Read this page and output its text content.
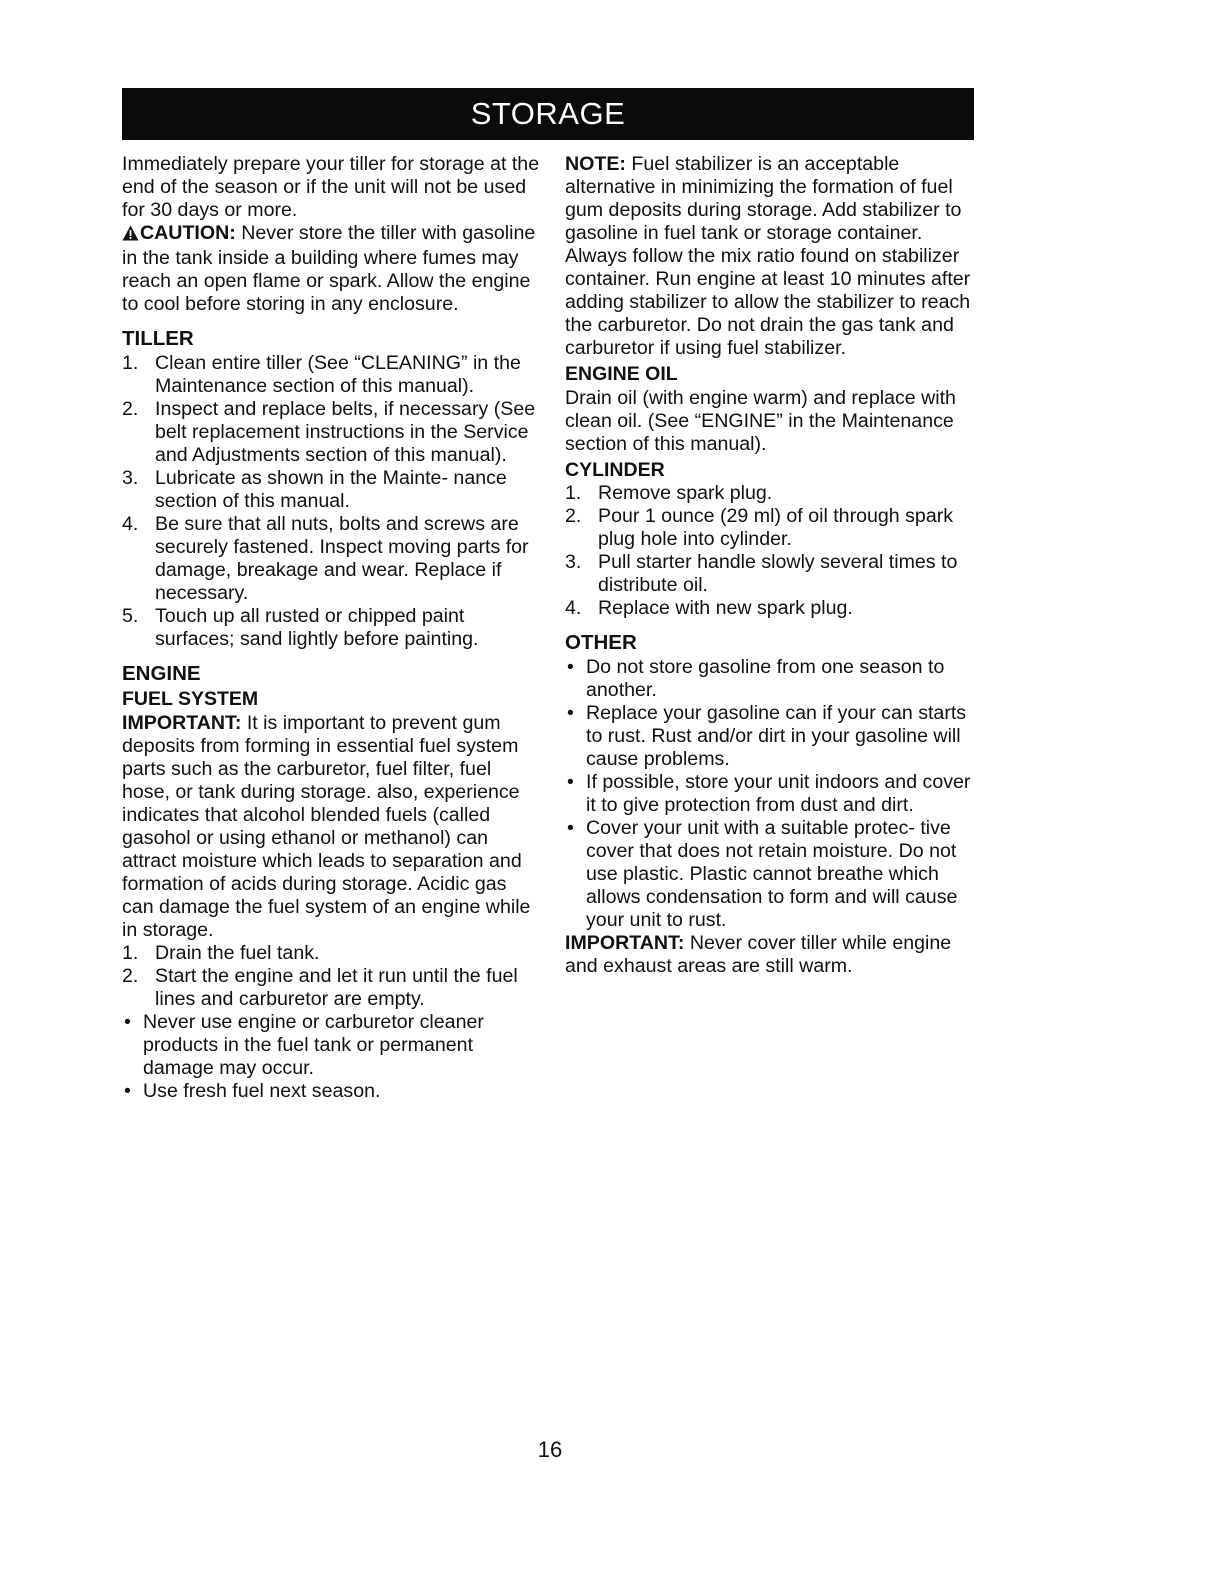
STORAGE

Immediately prepare your tiller for storage at the end of the season or if the unit will not be used for 30 days or more.

CAUTION: Never store the tiller with gasoline in the tank inside a building where fumes may reach an open flame or spark. Allow the engine to cool before storing in any enclosure.

TILLER
1. Clean entire tiller (See “CLEANING” in the Maintenance section of this manual).
2. Inspect and replace belts, if necessary (See belt replacement instructions in the Service and Adjustments section of this manual).
3. Lubricate as shown in the Mainte- nance section of this manual.
4. Be sure that all nuts, bolts and screws are securely fastened. Inspect moving parts for damage, breakage and wear. Replace if necessary.
5. Touch up all rusted or chipped paint surfaces; sand lightly before painting.
ENGINE
FUEL SYSTEM

IMPORTANT: It is important to prevent gum deposits from forming in essential fuel system parts such as the carburetor, fuel filter, fuel hose, or tank during storage. also, experience indicates that alcohol blended fuels (called gasohol or using ethanol or methanol) can attract moisture which leads to separation and formation of acids during storage. Acidic gas can damage the fuel system of an engine while in storage.

1. Drain the fuel tank.
2. Start the engine and let it run until the fuel lines and carburetor are empty.
• Never use engine or carburetor cleaner products in the fuel tank or permanent damage may occur.
• Use fresh fuel next season.

NOTE: Fuel stabilizer is an acceptable alternative in minimizing the formation of fuel gum deposits during storage. Add stabilizer to gasoline in fuel tank or storage container. Always follow the mix ratio found on stabilizer container. Run engine at least 10 minutes after adding stabilizer to allow the stabilizer to reach the carburetor. Do not drain the gas tank and carburetor if using fuel stabilizer.

ENGINE OIL

Drain oil (with engine warm) and replace with clean oil. (See “ENGINE” in the Maintenance section of this manual).

CYLINDER
1. Remove spark plug.
2. Pour 1 ounce (29 ml) of oil through spark plug hole into cylinder.
3. Pull starter handle slowly several times to distribute oil.
4. Replace with new spark plug.
OTHER
• Do not store gasoline from one season to another.
• Replace your gasoline can if your can starts to rust. Rust and/or dirt in your gasoline will cause problems.
• If possible, store your unit indoors and cover it to give protection from dust and dirt.
• Cover your unit with a suitable protec- tive cover that does not retain moisture. Do not use plastic. Plastic cannot breathe which allows condensation to form and will cause your unit to rust.

IMPORTANT: Never cover tiller while engine and exhaust areas are still warm.

16
